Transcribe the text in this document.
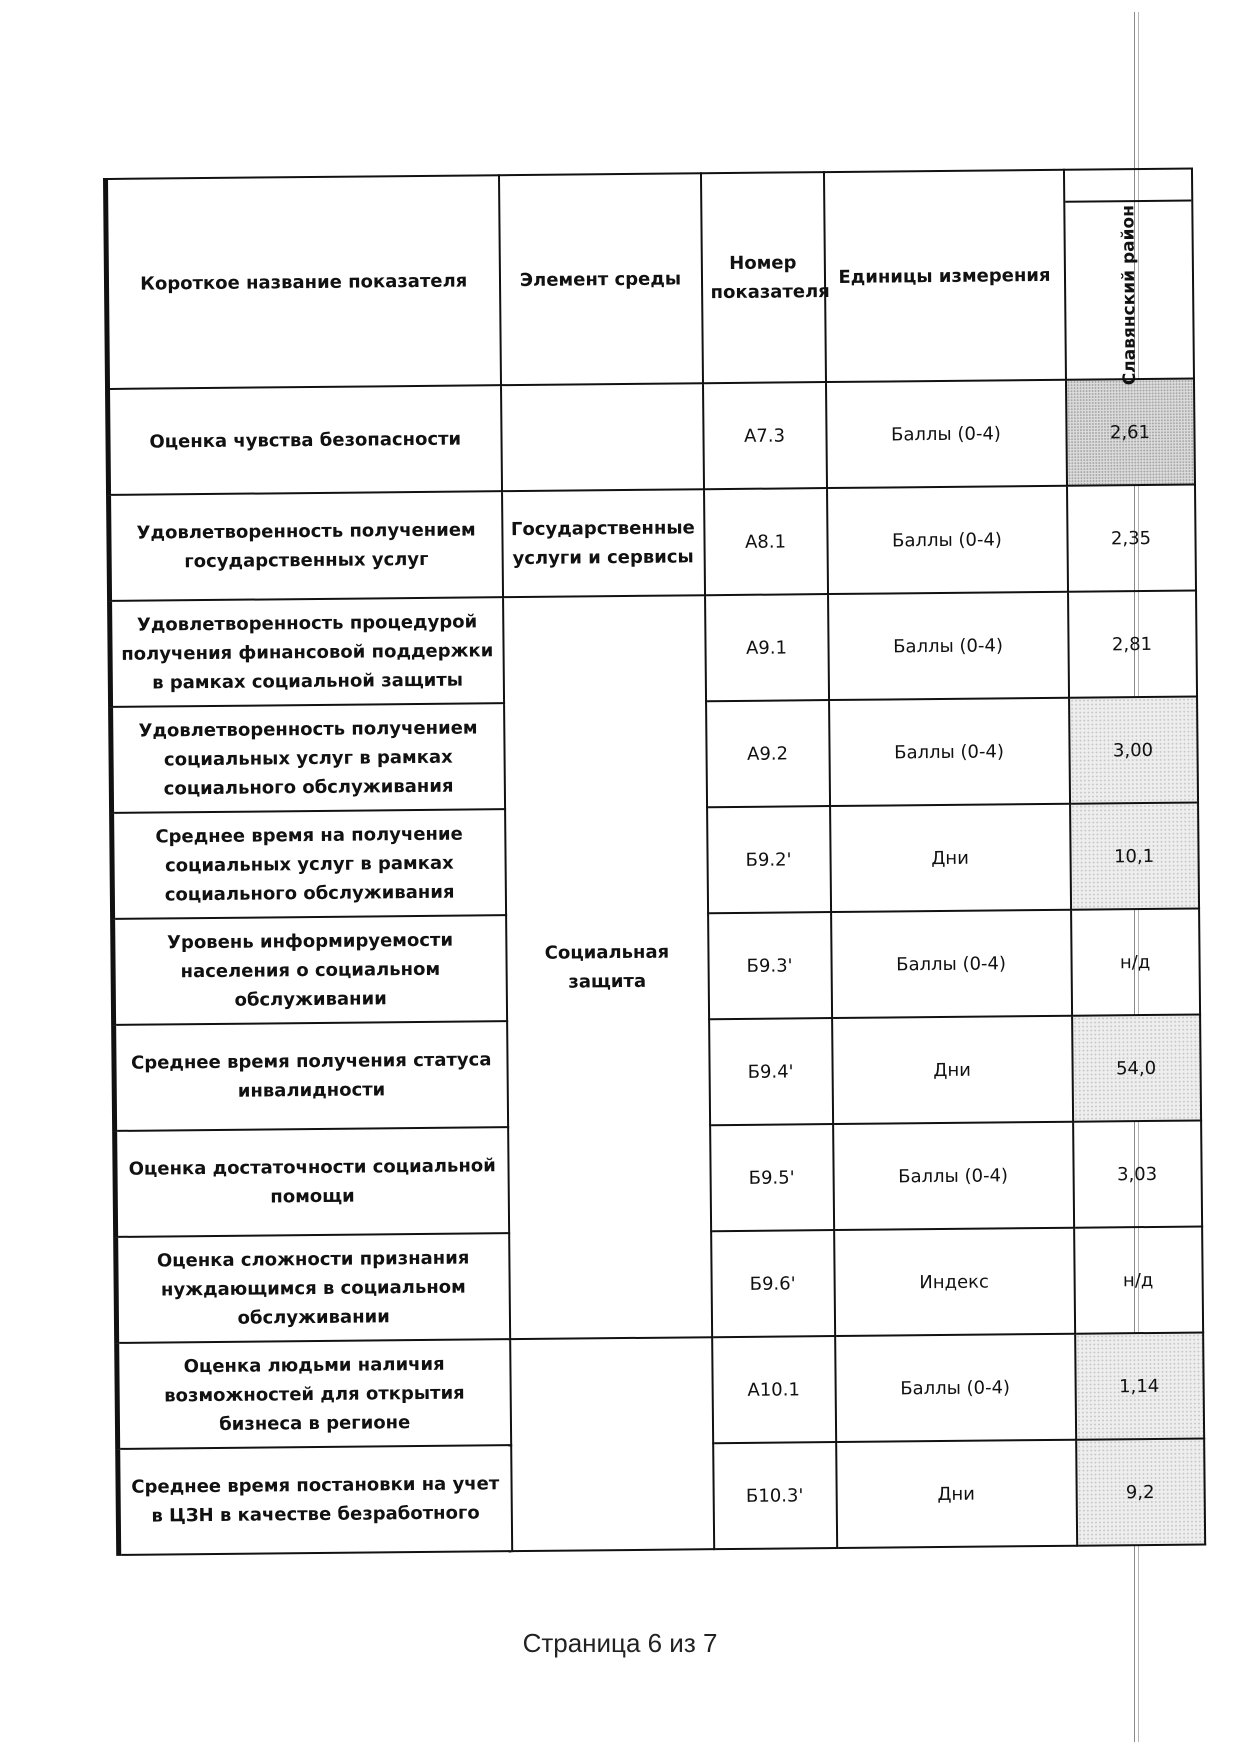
Короткое название показателя	Элемент среды	Номер показателя	Единицы измерения	Славянский район

Оценка чувства безопасности		А7.3	Баллы (0-4)	2,61
Удовлетворенность получением государственных услуг	Государственные услуги и сервисы	А8.1	Баллы (0-4)	2,35
Удовлетворенность процедурой получения финансовой поддержки в рамках социальной защиты	Социальная защита	А9.1	Баллы (0-4)	2,81
Удовлетворенность получением социальных услуг в рамках социального обслуживания		А9.2	Баллы (0-4)	3,00
Среднее время на получение социальных услуг в рамках социального обслуживания		Б9.2'	Дни	10,1
Уровень информируемости населения о социальном обслуживании		Б9.3'	Баллы (0-4)	н/д
Среднее время получения статуса инвалидности		Б9.4'	Дни	54,0
Оценка достаточности социальной помощи		Б9.5'	Баллы (0-4)	3,03
Оценка сложности признания нуждающимся в социальном обслуживании		Б9.6'	Индекс	н/д
Оценка людьми наличия возможностей для открытия бизнеса в регионе		А10.1	Баллы (0-4)	1,14
Среднее время постановки на учет в ЦЗН в качестве безработного		Б10.3'	Дни	9,2
Страница 6 из 7
